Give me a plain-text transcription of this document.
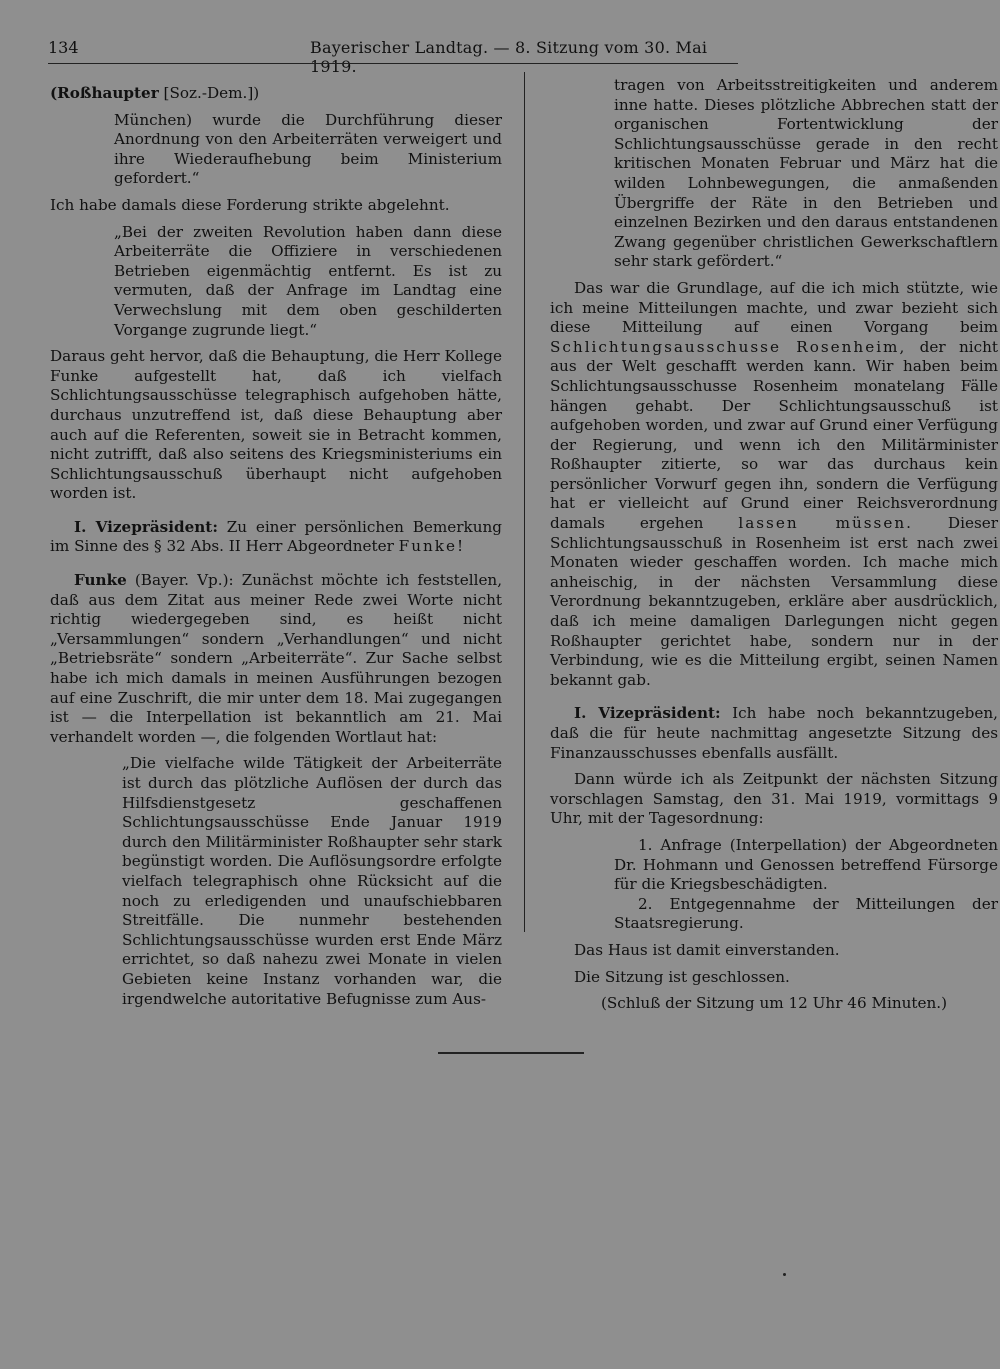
134	Bayerischer Landtag. — 8. Sitzung vom 30. Mai 1919.

(Roßhaupter [Soz.-Dem.])

München) wurde die Durchführung dieser Anordnung von den Arbeiterräten verweigert und ihre Wiederaufhebung beim Ministerium gefordert.“

Ich habe damals diese Forderung strikte abgelehnt.

„Bei der zweiten Revolution haben dann diese Arbeiterräte die Offiziere in verschiedenen Betrieben eigenmächtig entfernt. Es ist zu vermuten, daß der Anfrage im Landtag eine Verwechslung mit dem oben geschilderten Vorgange zugrunde liegt.“

Daraus geht hervor, daß die Behauptung, die Herr Kollege Funke aufgestellt hat, daß ich vielfach Schlichtungsausschüsse telegraphisch aufgehoben hätte, durchaus unzutreffend ist, daß diese Behauptung aber auch auf die Referenten, soweit sie in Betracht kommen, nicht zutrifft, daß also seitens des Kriegsministeriums ein Schlichtungsausschuß überhaupt nicht aufgehoben worden ist.

I. Vizepräsident: Zu einer persönlichen Bemerkung im Sinne des § 32 Abs. II Herr Abgeordneter Funke!

Funke (Bayer. Vp.): Zunächst möchte ich feststellen, daß aus dem Zitat aus meiner Rede zwei Worte nicht richtig wiedergegeben sind, es heißt nicht „Versammlungen“ sondern „Verhandlungen“ und nicht „Betriebsräte“ sondern „Arbeiterräte“. Zur Sache selbst habe ich mich damals in meinen Ausführungen bezogen auf eine Zuschrift, die mir unter dem 18. Mai zugegangen ist — die Interpellation ist bekanntlich am 21. Mai verhandelt worden —, die folgenden Wortlaut hat:

„Die vielfache wilde Tätigkeit der Arbeiterräte ist durch das plötzliche Auflösen der durch das Hilfsdienstgesetz geschaffenen Schlichtungsausschüsse Ende Januar 1919 durch den Militärminister Roßhaupter sehr stark begünstigt worden. Die Auflösungsordre erfolgte vielfach telegraphisch ohne Rücksicht auf die noch zu erledigenden und unaufschiebbaren Streitfälle. Die nunmehr bestehenden Schlichtungsausschüsse wurden erst Ende März errichtet, so daß nahezu zwei Monate in vielen Gebieten keine Instanz vorhanden war, die irgendwelche autoritative Befugnisse zum Aus-

tragen von Arbeitsstreitigkeiten und anderem inne hatte. Dieses plötzliche Abbrechen statt der organischen Fortentwicklung der Schlichtungsausschüsse gerade in den recht kritischen Monaten Februar und März hat die wilden Lohnbewegungen, die anmaßenden Übergriffe der Räte in den Betrieben und einzelnen Bezirken und den daraus entstandenen Zwang gegenüber christlichen Gewerkschaftlern sehr stark gefördert.“

Das war die Grundlage, auf die ich mich stützte, wie ich meine Mitteilungen machte, und zwar bezieht sich diese Mitteilung auf einen Vorgang beim Schlichtungsausschusse Rosenheim, der nicht aus der Welt geschafft werden kann. Wir haben beim Schlichtungsausschusse Rosenheim monatelang Fälle hängen gehabt. Der Schlichtungsausschuß ist aufgehoben worden, und zwar auf Grund einer Verfügung der Regierung, und wenn ich den Militärminister Roßhaupter zitierte, so war das durchaus kein persönlicher Vorwurf gegen ihn, sondern die Verfügung hat er vielleicht auf Grund einer Reichsverordnung damals ergehen lassen müssen. Dieser Schlichtungsausschuß in Rosenheim ist erst nach zwei Monaten wieder geschaffen worden. Ich mache mich anheischig, in der nächsten Versammlung diese Verordnung bekanntzugeben, erkläre aber ausdrücklich, daß ich meine damaligen Darlegungen nicht gegen Roßhaupter gerichtet habe, sondern nur in der Verbindung, wie es die Mitteilung ergibt, seinen Namen bekannt gab.

I. Vizepräsident: Ich habe noch bekanntzugeben, daß die für heute nachmittag angesetzte Sitzung des Finanzausschusses ebenfalls ausfällt.

Dann würde ich als Zeitpunkt der nächsten Sitzung vorschlagen Samstag, den 31. Mai 1919, vormittags 9 Uhr, mit der Tagesordnung:

1. Anfrage (Interpellation) der Abgeordneten Dr. Hohmann und Genossen betreffend Fürsorge für die Kriegsbeschädigten.
2. Entgegennahme der Mitteilungen der Staatsregierung.

Das Haus ist damit einverstanden.

Die Sitzung ist geschlossen.

(Schluß der Sitzung um 12 Uhr 46 Minuten.)
